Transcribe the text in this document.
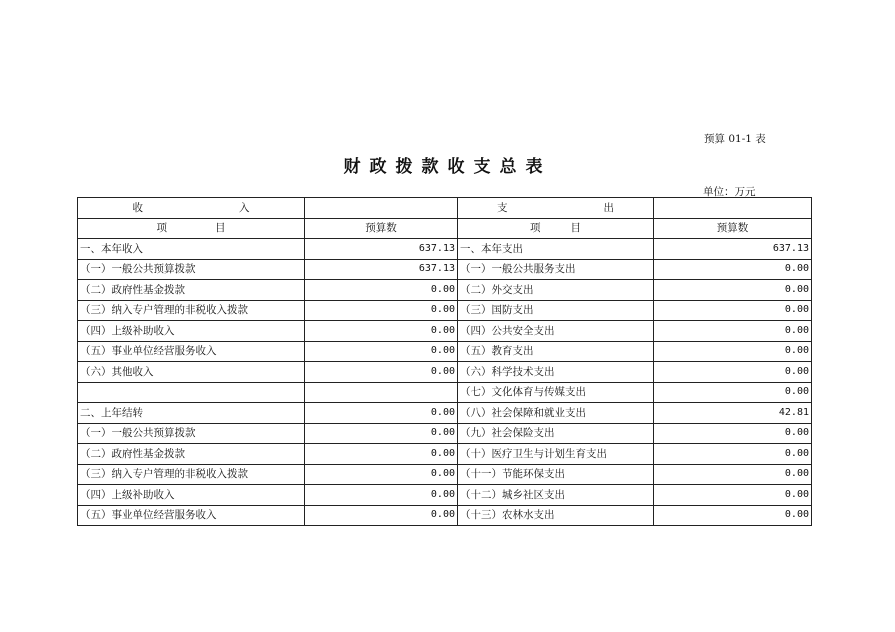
预算 01-1 表
财政拨款收支总表
单位：万元
收 入		支 出	
项 目	预算数	项 目	预算数
一、本年收入	637.13	一、本年支出	637.13
（一）一般公共预算拨款	637.13	（一）一般公共服务支出	0.00
（二）政府性基金拨款	0.00	（二）外交支出	0.00
（三）纳入专户管理的非税收入拨款	0.00	（三）国防支出	0.00
（四）上级补助收入	0.00	（四）公共安全支出	0.00
（五）事业单位经营服务收入	0.00	（五）教育支出	0.00
（六）其他收入	0.00	（六）科学技术支出	0.00
		（七）文化体育与传媒支出	0.00
二、上年结转	0.00	（八）社会保障和就业支出	42.81
（一）一般公共预算拨款	0.00	（九）社会保险支出	0.00
（二）政府性基金拨款	0.00	（十）医疗卫生与计划生育支出	0.00
（三）纳入专户管理的非税收入拨款	0.00	（十一）节能环保支出	0.00
（四）上级补助收入	0.00	（十二）城乡社区支出	0.00
（五）事业单位经营服务收入	0.00	（十三）农林水支出	0.00
